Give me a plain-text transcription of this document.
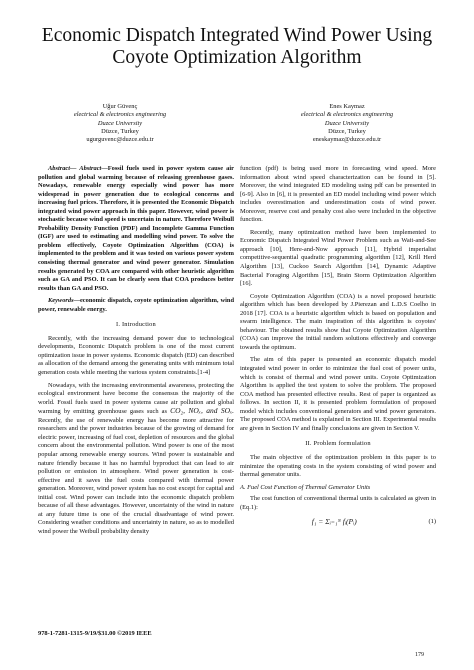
Economic Dispatch Integrated Wind Power Using Coyote Optimization Algorithm
Uğur Güvenç
electrical & electronics engineering
Duzce University
Düzce, Turkey
ugurguvenc@duzce.edu.tr
Enes Kaymaz
electrical & electronics engineering
Duzce University
Düzce, Turkey
eneskaymaz@duzce.edu.tr

Abstract— Abstract—Fossil fuels used in power system cause air pollution and global warming because of releasing greenhouse gases. Nowadays, renewable energy especially wind power has more widespread in power generation due to ecological concerns and increasing fuel prices. Therefore, it is presented the Economic Dispatch integrated wind power approach in this paper. However, wind power is stochastic because wind speed is uncertain in nature. Therefore Weibull Probability Density Function (PDF) and Incomplete Gamma Function (IGF) are used to estimating and modelling wind power. To solve the problem effectively, Coyote Optimization Algorithm (COA) is implemented to the problem and it was tested on various power system consisting thermal generator and wind power generator. Simulation results generated by COA are compared with other heuristic algorithm such as GA and PSO. It can be clearly seen that COA produces better results than GA and PSO.

Keywords—economic dispatch, coyote optimization algorithm, wind power, renewable energy.

I. Introduction

Recently, with the increasing demand power due to technological developments, Economic Dispatch problem is one of the most current optimization issue in power systems. Economic dispatch (ED) can described as allocation of the demand among the generating units with minimum total generation costs while meeting the various system constraints.[1-4]

Nowadays, with the increasing environmental awareness, protecting the ecological environment have become the consensus the majority of the world. Fossil fuels used in power systems cause air pollution and global warming by emitting greenhouse gases such as CO₂, NOₓ, and SOₓ. Recently, the use of renewable energy has become more attractive for researchers and the power industries because of the growing of demand for electric power, increasing of fuel cost, depletion of resources and the global concern about the environmental pollution. Wind power is one of the most popular among renewable energy sources. Wind power is sustainable and nature friendly because it has no harmful byproduct that can lead to air pollution or emission in atmosphere. Wind power generation is cost-effective and it saves the fuel costs compared with thermal power generation. Moreover, wind power system has no cost except for capital and initial cost. Wind power can include into the economic dispatch problem because of all these advantages. However, uncertainty of the wind in nature at any future time is one of the crucial disadvantage of wind power. Considering weather conditions and uncertainty in nature, so as to modelled wind power the Weibull probability density

function (pdf) is being used more in forecasting wind speed. More information about wind speed characterization can be found in [5]. Moreover, the wind integrated ED modeling using pdf can be presented in [6-9]. Also in [6], it is presented an ED model including wind power which includes overestimation and underestimation costs of wind power. Moreover, reserve cost and penalty cost also were included in the objective function.

Recently, many optimization method have been implemented to Economic Dispatch Integrated Wind Power Problem such as Wait-and-See approach [10], Here-and-Now approach [11], Hybrid imperialist competitive-sequential quadratic programming algorithm [12], Krill Herd Algorithm [13], Cuckoo Search Algorithm [14], Dynamic Adaptive Bacterial Foraging Algorithm [15], Brain Storm Optimization Algorithm [16].

Coyote Optimization Algorithm (COA) is a novel proposed heuristic algorithm which has been developed by J.Pierezan and L.D.S Coelho in 2018 [17]. COA is a heuristic algorithm which is based on population and swarm intelligence. The main inspiration of this algorithm is coyotes' behaviour. The obtained results show that Coyote Optimization Algorithm (COA) can improve the initial random solutions effectively and converge towards the optimum.

The aim of this paper is presented an economic dispatch model integrated wind power in order to minimize the fuel cost of power units, which is consist of thermal and wind power units. Coyote Optimization Algorithm is applied the test system to solve the problem. The proposed COA method has presented effective results. Rest of paper is organized as follows. In section II, it is presented problem formulation of proposed model which includes conventional generators and wind power generators. The proposed COA method is explained in Section III. Experimental results are given in Section IV and finally conclusions are given in Section V.

II. Problem formulation

The main objective of the optimization problem in this paper is to minimize the operating costs in the system consisting of wind power and thermal generator units.

A. Fuel Cost Function of Thermal Generator Units

The cost function of conventional thermal units is calculated as given in (Eq.1):

f₁ = Σᵢ₌₁ᴺ fᵢ(Pᵢ)	(1)
978-1-7281-1315-9/19/$31.00 ©2019 IEEE
179
